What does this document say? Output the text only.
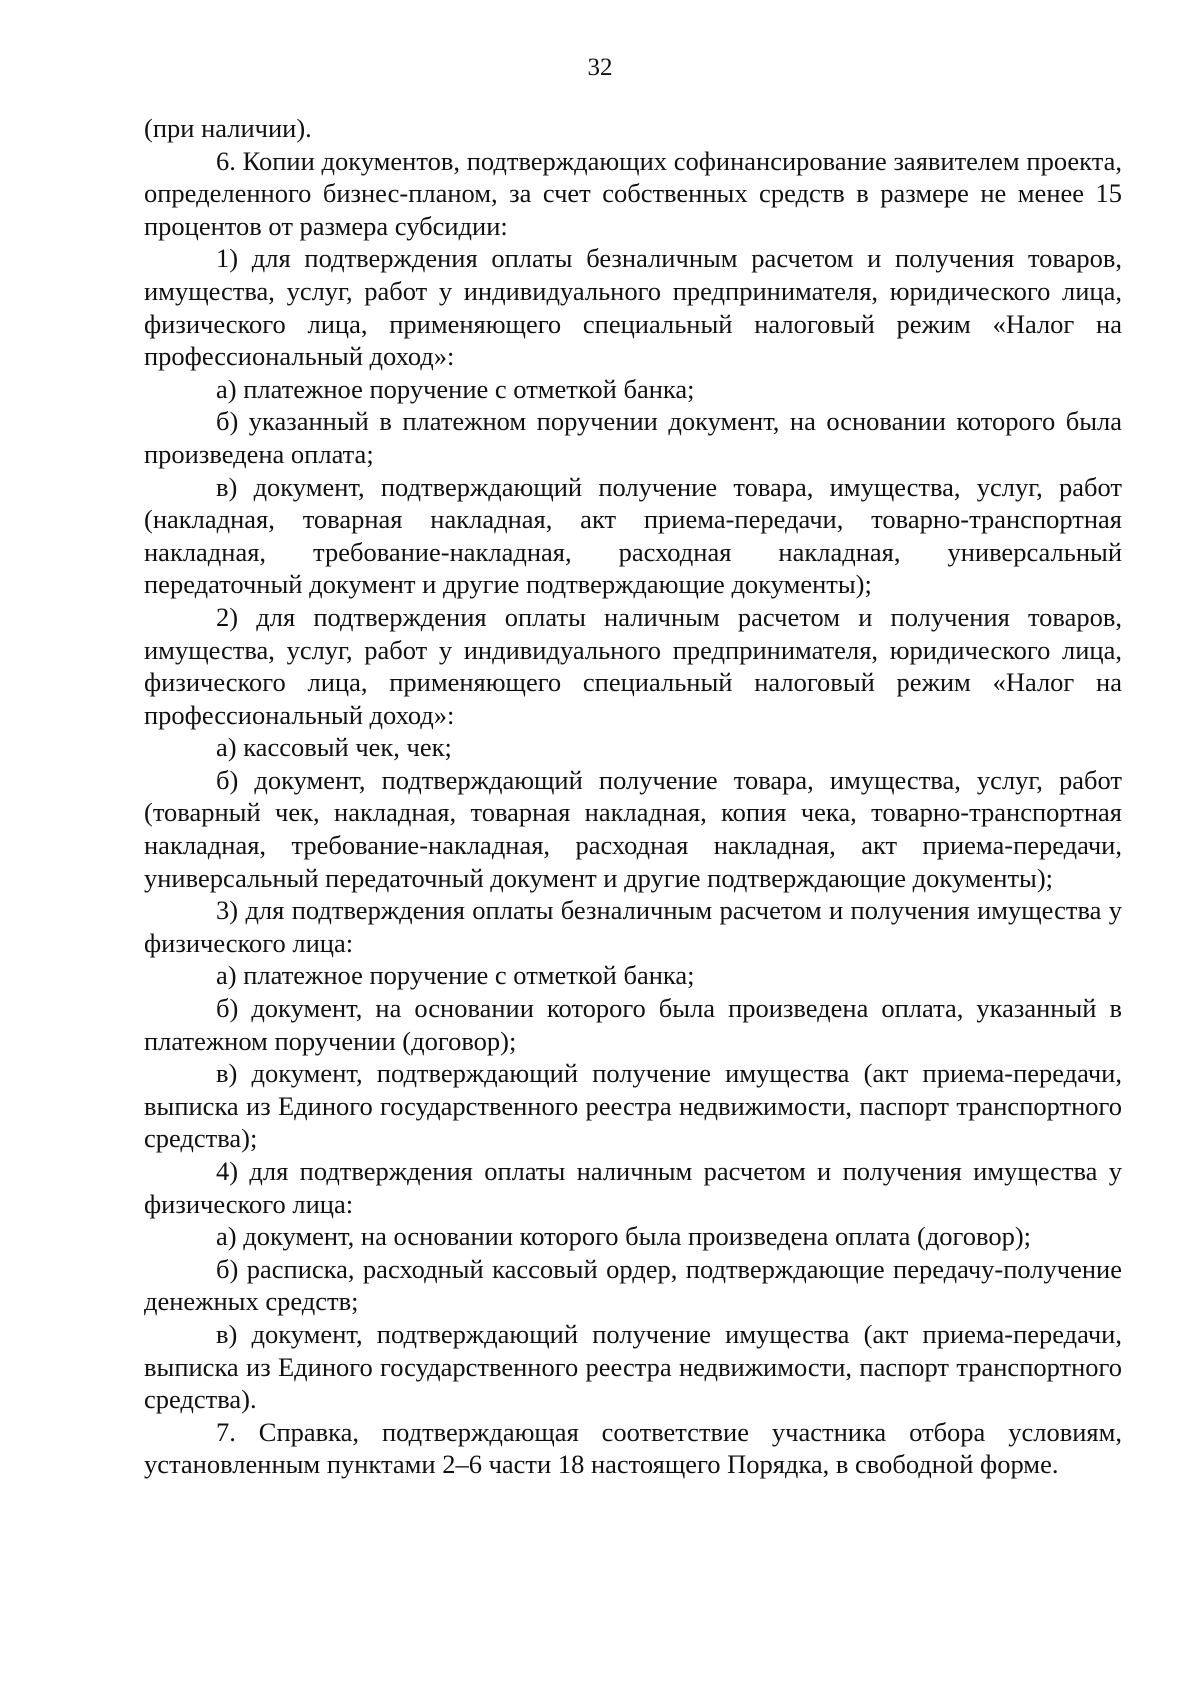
32

(при наличии).

6. Копии документов, подтверждающих софинансирование заявителем проекта, определенного бизнес-планом, за счет собственных средств в размере не менее 15 процентов от размера субсидии:

1) для подтверждения оплаты безналичным расчетом и получения товаров, имущества, услуг, работ у индивидуального предпринимателя, юридического лица, физического лица, применяющего специальный налоговый режим «Налог на профессиональный доход»:

а) платежное поручение с отметкой банка;

б) указанный в платежном поручении документ, на основании которого была произведена оплата;

в) документ, подтверждающий получение товара, имущества, услуг, работ (накладная, товарная накладная, акт приема-передачи, товарно-транспортная накладная, требование-накладная, расходная накладная, универсальный передаточный документ и другие подтверждающие документы);

2) для подтверждения оплаты наличным расчетом и получения товаров, имущества, услуг, работ у индивидуального предпринимателя, юридического лица, физического лица, применяющего специальный налоговый режим «Налог на профессиональный доход»:

а) кассовый чек, чек;

б) документ, подтверждающий получение товара, имущества, услуг, работ (товарный чек, накладная, товарная накладная, копия чека, товарно-транспортная накладная, требование-накладная, расходная накладная, акт приема-передачи, универсальный передаточный документ и другие подтверждающие документы);

3) для подтверждения оплаты безналичным расчетом и получения имущества у физического лица:

а) платежное поручение с отметкой банка;

б) документ, на основании которого была произведена оплата, указанный в платежном поручении (договор);

в) документ, подтверждающий получение имущества (акт приема-передачи, выписка из Единого государственного реестра недвижимости, паспорт транспортного средства);

4) для подтверждения оплаты наличным расчетом и получения имущества у физического лица:

а) документ, на основании которого была произведена оплата (договор);

б) расписка, расходный кассовый ордер, подтверждающие передачу-получение денежных средств;

в) документ, подтверждающий получение имущества (акт приема-передачи, выписка из Единого государственного реестра недвижимости, паспорт транспортного средства).

7. Справка, подтверждающая соответствие участника отбора условиям, установленным пунктами 2–6 части 18 настоящего Порядка, в свободной форме.
